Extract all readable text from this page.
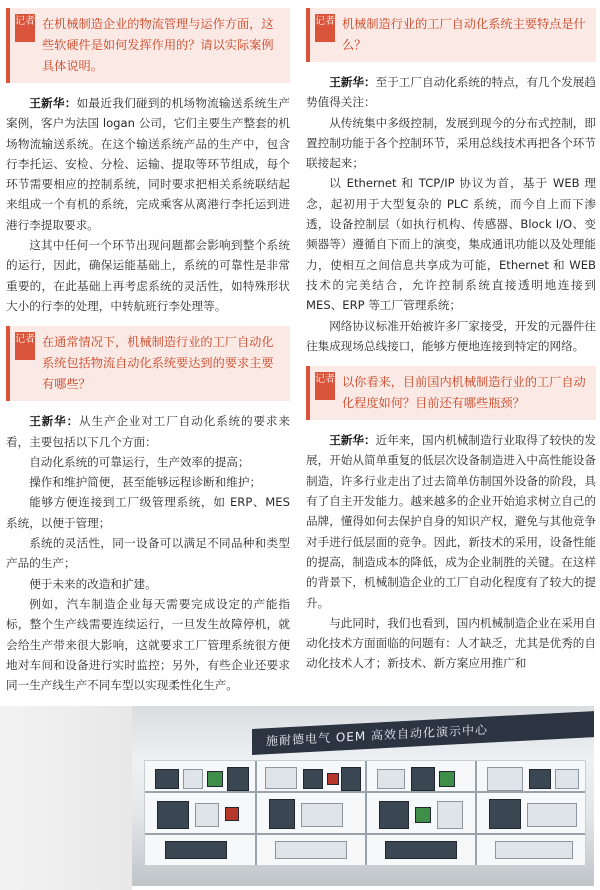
记者 在机械制造企业的物流管理与运作方面，这些软硬件是如何发挥作用的？请以实际案例具体说明。

王新华：如最近我们碰到的机场物流输送系统生产案例，客户为法国 logan 公司，它们主要生产整套的机场物流输送系统。在这个输送系统产品的生产中，包含行李托运、安检、分检、运输、提取等环节组成，每个环节需要相应的控制系统，同时要求把相关系统联结起来组成一个有机的系统，完成乘客从离港行李托运到进港行李提取要求。

这其中任何一个环节出现问题都会影响到整个系统的运行，因此，确保运能基础上，系统的可靠性是非常重要的，在此基础上再考虑系统的灵活性，如特殊形状大小的行李的处理，中转航班行李处理等。

记者 在通常情况下，机械制造行业的工厂自动化系统包括物流自动化系统要达到的要求主要有哪些？

王新华：从生产企业对工厂自动化系统的要求来看，主要包括以下几个方面：

自动化系统的可靠运行，生产效率的提高；

操作和维护简便，甚至能够远程诊断和维护；

能够方便连接到工厂级管理系统，如 ERP、MES 系统，以便于管理；

系统的灵活性，同一设备可以满足不同品种和类型产品的生产；

便于未来的改造和扩建。

例如，汽车制造企业每天需要完成设定的产能指标，整个生产线需要连续运行，一旦发生故障停机，就会给生产带来很大影响，这就要求工厂管理系统很方便地对车间和设备进行实时监控；另外，有些企业还要求同一生产线生产不同车型以实现柔性化生产。

记者 机械制造行业的工厂自动化系统主要特点是什么？

王新华：至于工厂自动化系统的特点，有几个发展趋势值得关注：

从传统集中多级控制，发展到现今的分布式控制，即置控制功能于各个控制环节，采用总线技术再把各个环节联接起来；

以 Ethernet 和 TCP/IP 协议为首，基于 WEB 理念，起初用于大型复杂的 PLC 系统，而今自上而下渗透，设备控制层（如执行机构、传感器、Block I/O、变频器等）遵循自下而上的演变，集成通讯功能以及处理能力，使相互之间信息共享成为可能，Ethernet 和 WEB 技术的完美结合，允许控制系统直接透明地连接到 MES、ERP 等工厂管理系统；

网络协议标准开始被许多厂家接受，开发的元器件往往集成现场总线接口，能够方便地连接到特定的网络。

记者 以你看来，目前国内机械制造行业的工厂自动化程度如何？目前还有哪些瓶颈？

王新华：近年来，国内机械制造行业取得了较快的发展，开始从简单重复的低层次设备制造进入中高性能设备制造，许多行业走出了过去简单仿制国外设备的阶段，具有了自主开发能力。越来越多的企业开始追求树立自己的品牌，懂得如何去保护自身的知识产权，避免与其他竞争对手进行低层面的竞争。因此，新技术的采用，设备性能的提高，制造成本的降低，成为企业制胜的关键。在这样的背景下，机械制造企业的工厂自动化程度有了较大的提升。

与此同时，我们也看到，国内机械制造企业在采用自动化技术方面面临的问题有：人才缺乏，尤其是优秀的自动化技术人才；新技术、新方案应用推广和

施耐德电气 OEM 高效自动化演示中心
